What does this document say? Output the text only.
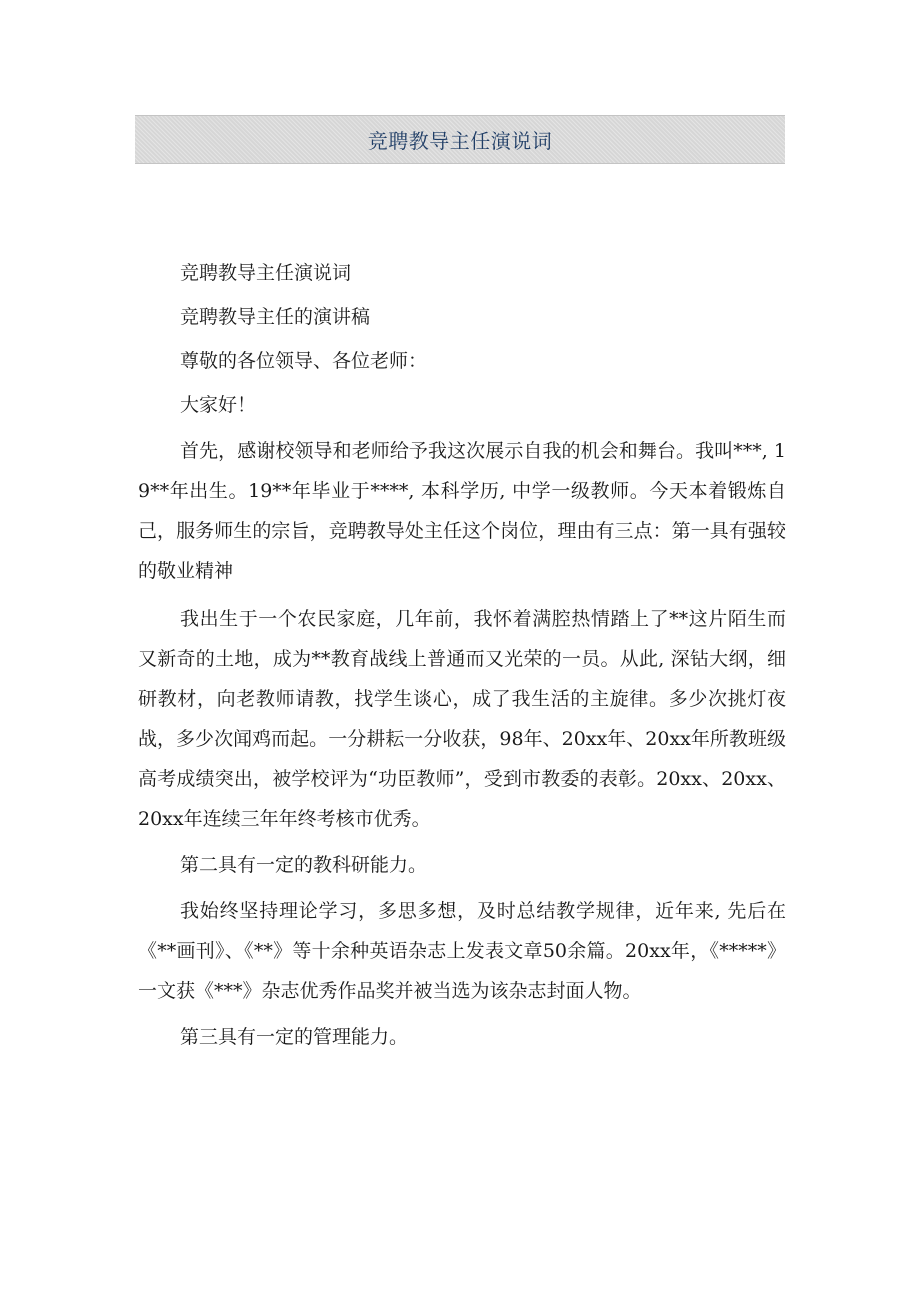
竞聘教导主任演说词
竞聘教导主任演说词
竞聘教导主任的演讲稿
尊敬的各位领导、各位老师：
大家好！

首先，感谢校领导和老师给予我这次展示自我的机会和舞台。我叫***, 19**年出生。19**年毕业于****, 本科学历, 中学一级教师。今天本着锻炼自己，服务师生的宗旨，竞聘教导处主任这个岗位，理由有三点：第一具有强较的敬业精神

我出生于一个农民家庭，几年前，我怀着满腔热情踏上了**这片陌生而又新奇的土地，成为**教育战线上普通而又光荣的一员。从此, 深钻大纲，细研教材，向老教师请教，找学生谈心，成了我生活的主旋律。多少次挑灯夜战，多少次闻鸡而起。一分耕耘一分收获，98年、20xx年、20xx年所教班级高考成绩突出，被学校评为“功臣教师”，受到市教委的表彰。20xx、20xx、20xx年连续三年年终考核市优秀。

第二具有一定的教科研能力。

我始终坚持理论学习，多思多想，及时总结教学规律，近年来, 先后在《**画刊》、《**》等十余种英语杂志上发表文章50余篇。20xx年，《*****》一文获《***》杂志优秀作品奖并被当选为该杂志封面人物。

第三具有一定的管理能力。
